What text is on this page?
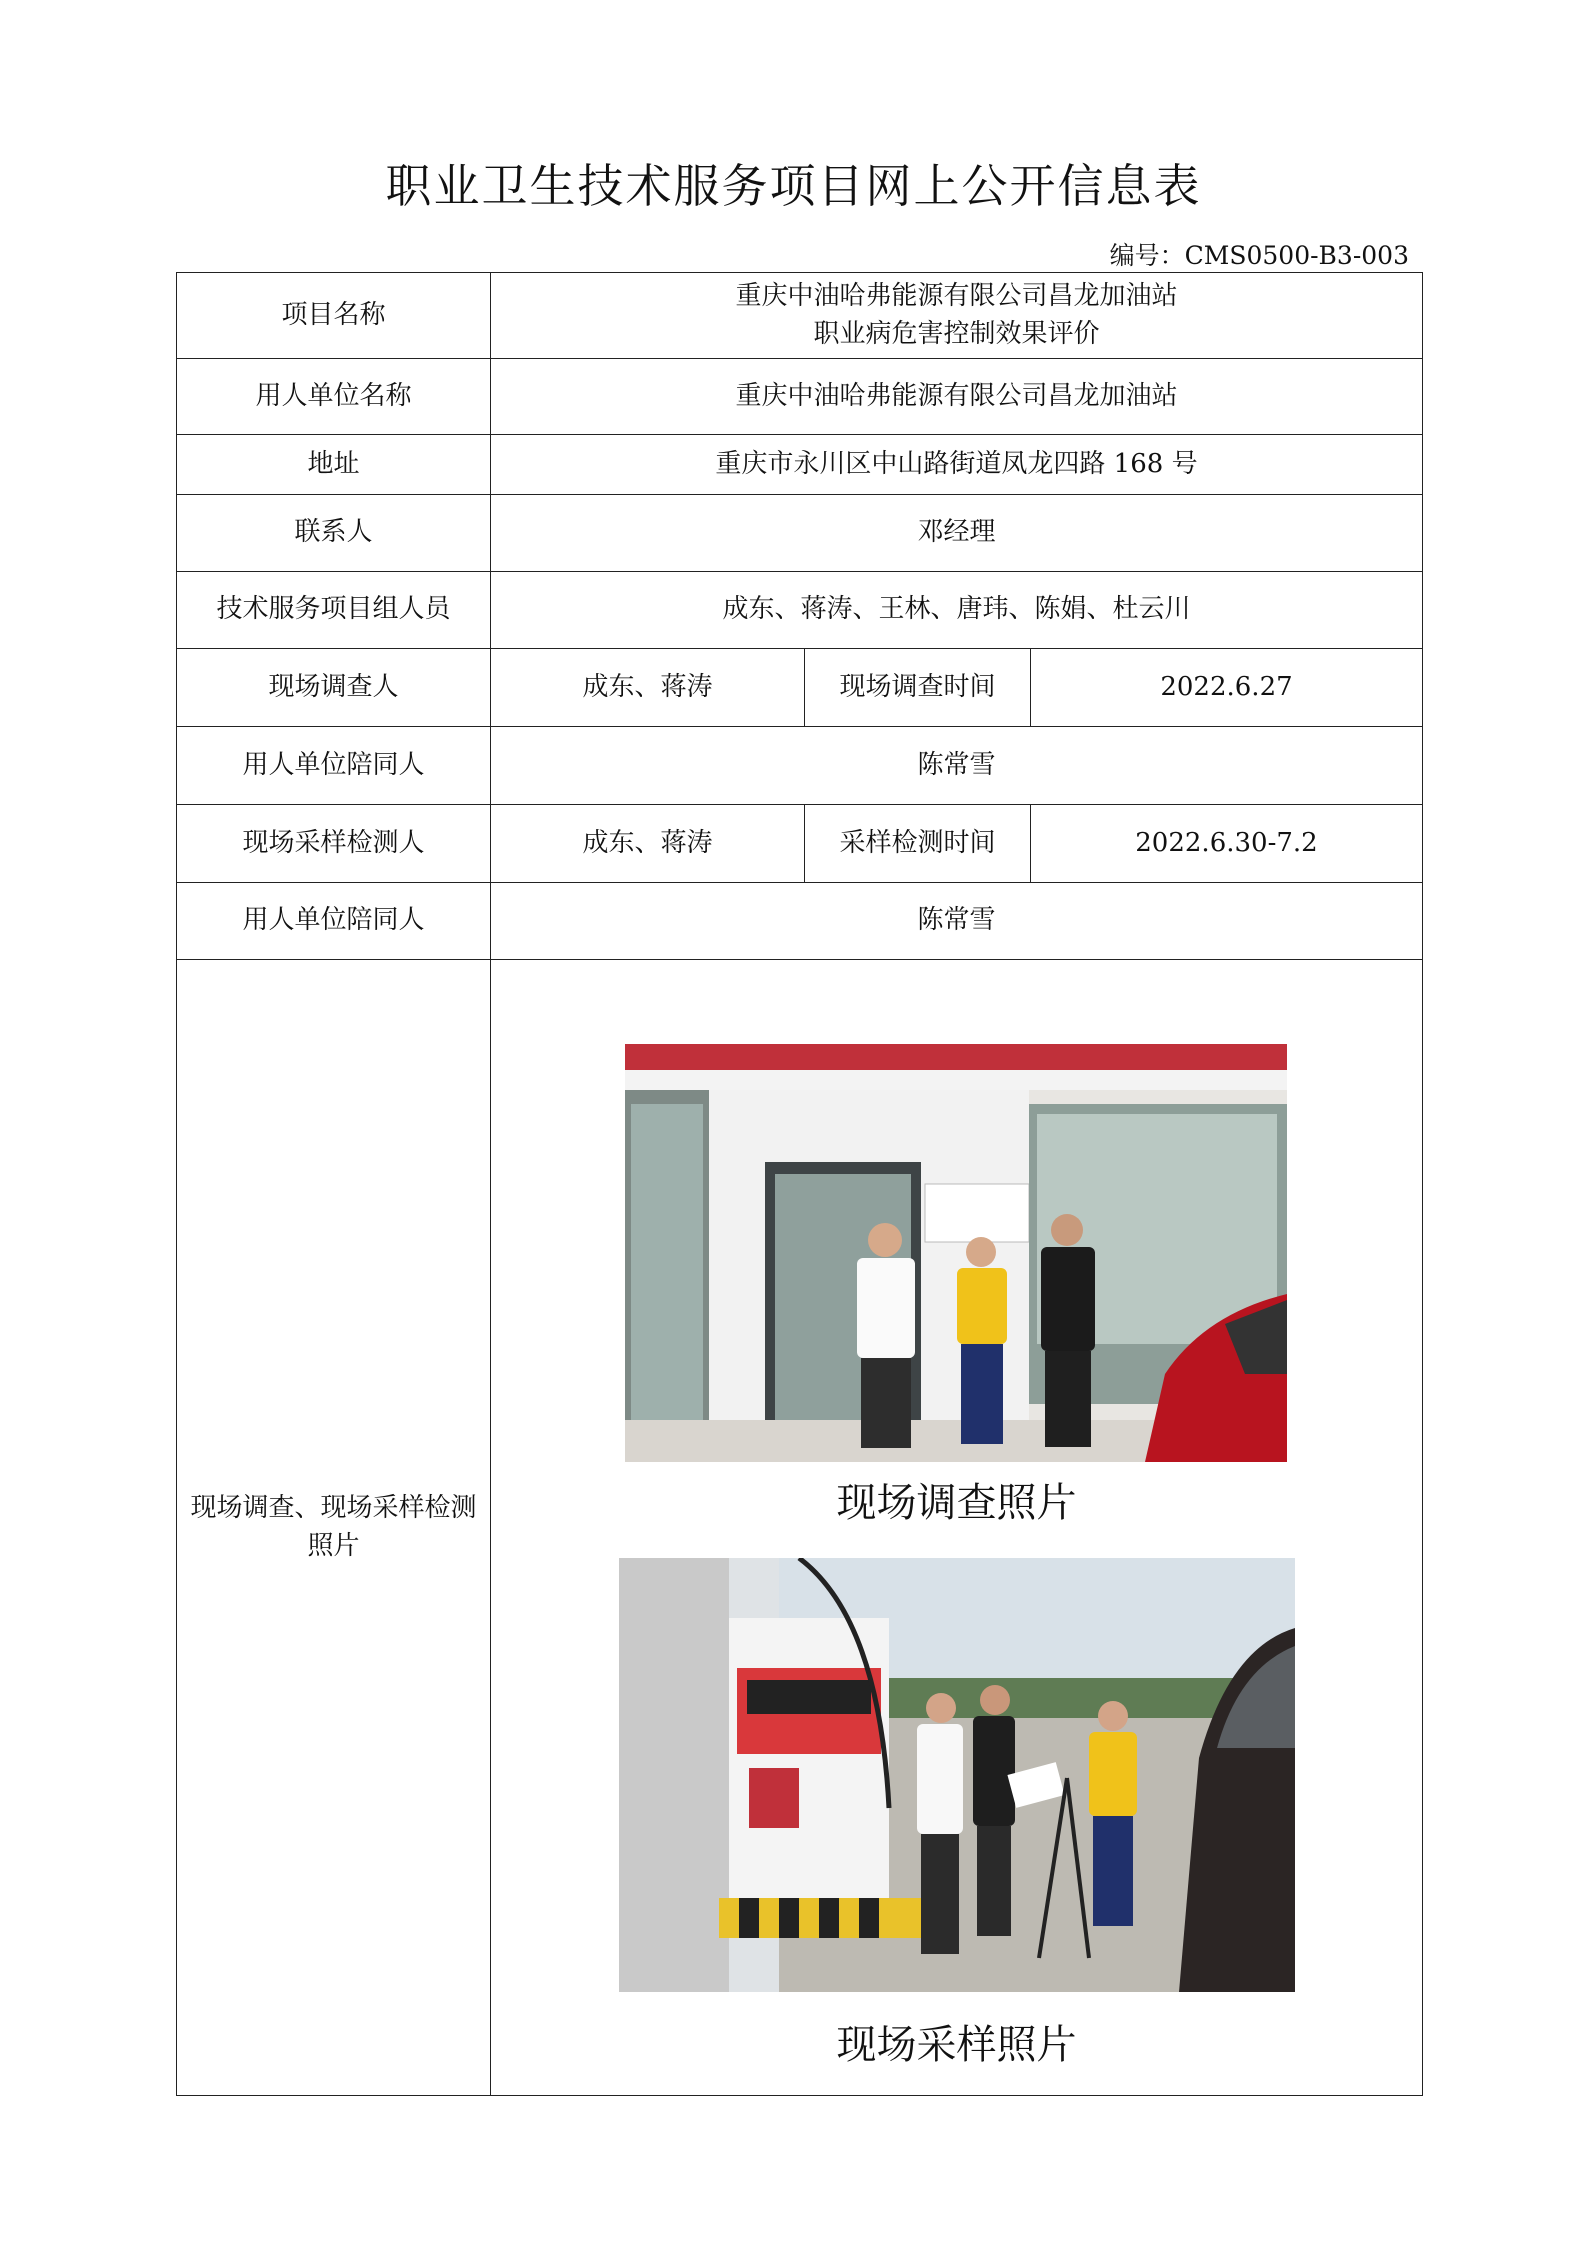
职业卫生技术服务项目网上公开信息表
编号：CMS0500-B3-003
项目名称	重庆中油哈弗能源有限公司昌龙加油站
职业病危害控制效果评价		

用人单位名称	重庆中油哈弗能源有限公司昌龙加油站		
地址	重庆市永川区中山路街道凤龙四路 168 号		
联系人	邓经理		
技术服务项目组人员	成东、蒋涛、王林、唐玮、陈娟、杜云川		
现场调查人	成东、蒋涛	现场调查时间	2022.6.27
用人单位陪同人	陈常雪		
现场采样检测人	成东、蒋涛	采样检测时间	2022.6.30-7.2
用人单位陪同人	陈常雪		

现场调查、现场采样检测照片	现场调查照片
现场采样照片		
